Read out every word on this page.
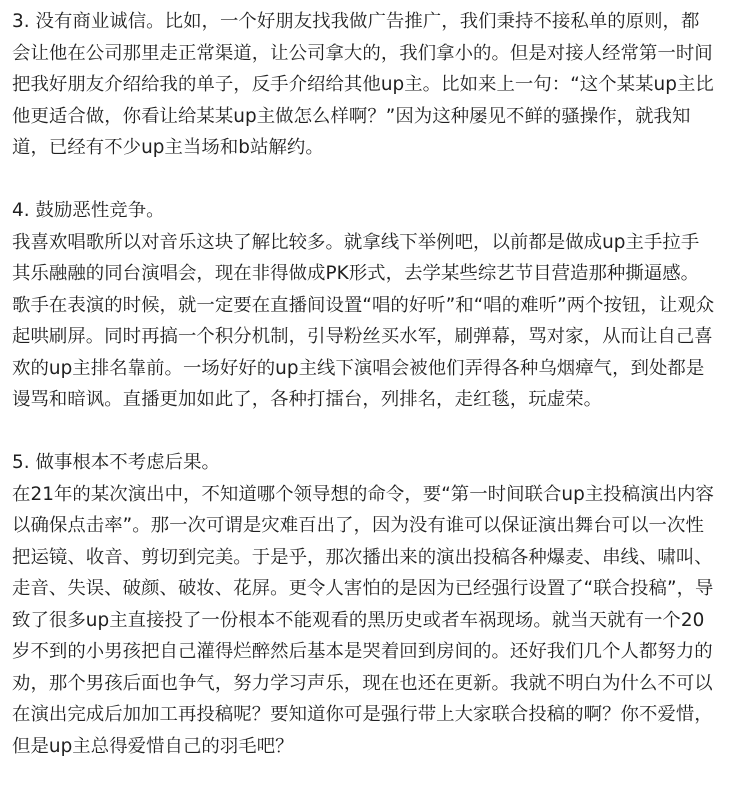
3. 没有商业诚信。比如，一个好朋友找我做广告推广，我们秉持不接私单的原则，都会让他在公司那里走正常渠道，让公司拿大的，我们拿小的。但是对接人经常第一时间把我好朋友介绍给我的单子，反手介绍给其他up主。比如来上一句：“这个某某up主比他更适合做，你看让给某某up主做怎么样啊？”因为这种屡见不鲜的骚操作，就我知道，已经有不少up主当场和b站解约。

4. 鼓励恶性竞争。

我喜欢唱歌所以对音乐这块了解比较多。就拿线下举例吧，以前都是做成up主手拉手其乐融融的同台演唱会，现在非得做成PK形式，去学某些综艺节目营造那种撕逼感。歌手在表演的时候，就一定要在直播间设置“唱的好听”和“唱的难听”两个按钮，让观众起哄刷屏。同时再搞一个积分机制，引导粉丝买水军，刷弹幕，骂对家，从而让自己喜欢的up主排名靠前。一场好好的up主线下演唱会被他们弄得各种乌烟瘴气，到处都是谩骂和暗讽。直播更加如此了，各种打擂台，列排名，走红毯，玩虚荣。

5. 做事根本不考虑后果。

在21年的某次演出中，不知道哪个领导想的命令，要“第一时间联合up主投稿演出内容以确保点击率”。那一次可谓是灾难百出了，因为没有谁可以保证演出舞台可以一次性把运镜、收音、剪切到完美。于是乎，那次播出来的演出投稿各种爆麦、串线、啸叫、走音、失误、破颜、破妆、花屏。更令人害怕的是因为已经强行设置了“联合投稿”，导致了很多up主直接投了一份根本不能观看的黑历史或者车祸现场。就当天就有一个20岁不到的小男孩把自己灌得烂醉然后基本是哭着回到房间的。还好我们几个人都努力的劝，那个男孩后面也争气，努力学习声乐，现在也还在更新。我就不明白为什么不可以在演出完成后加加工再投稿呢？要知道你可是强行带上大家联合投稿的啊？你不爱惜，但是up主总得爱惜自己的羽毛吧？
